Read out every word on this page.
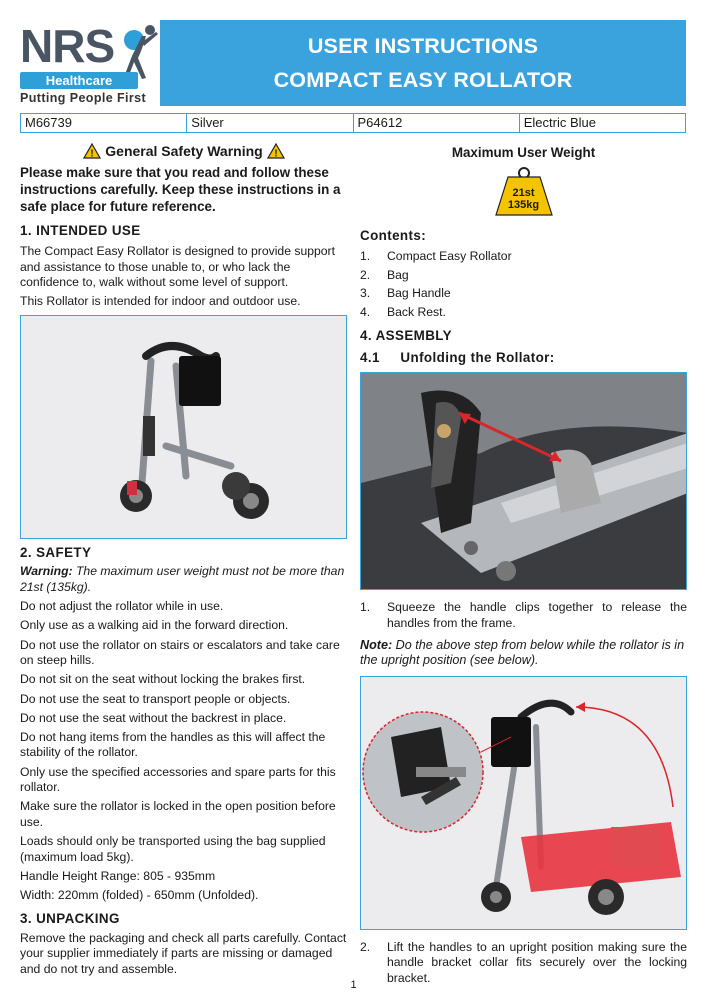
NRS
Healthcare
Putting People First
USER INSTRUCTIONS
COMPACT EASY ROLLATOR
M66739	Silver	P64612	Electric Blue
! General Safety Warning !

Please make sure that you read and follow these instructions carefully. Keep these instructions in a safe place for future reference.

1. INTENDED USE

The Compact Easy Rollator is designed to provide support and assistance to those unable to, or who lack the confidence to, walk without some level of support.

This Rollator is intended for indoor and outdoor use.

2. SAFETY

Warning: The maximum user weight must not be more than 21st (135kg).

Do not adjust the rollator while in use.

Only use as a walking aid in the forward direction.

Do not use the rollator on stairs or escalators and take care on steep hills.

Do not sit on the seat without locking the brakes first.

Do not use the seat to transport people or objects.

Do not use the seat without the backrest in place.

Do not hang items from the handles as this will affect the stability of the rollator.

Only use the specified accessories and spare parts for this rollator.

Make sure the rollator is locked in the open position before use.

Loads should only be transported using the bag supplied (maximum load 5kg).

Handle Height Range: 805 - 935mm

Width: 220mm (folded) - 650mm (Unfolded).

3. UNPACKING

Remove the packaging and check all parts carefully. Contact your supplier immediately if parts are missing or damaged and do not try and assemble.

Maximum User Weight
21st
135kg
Contents:
1.	Compact Easy Rollator
2.	Bag
3.	Bag Handle
4.	Back Rest.
4. ASSEMBLY
4.1     Unfolding the Rollator:
1.	Squeeze the handle clips together to release the handles from the frame.

Note: Do the above step from below while the rollator is in the upright position (see below).

2.	Lift the handles to an upright position making sure the handle bracket collar fits securely over the locking bracket.
1
